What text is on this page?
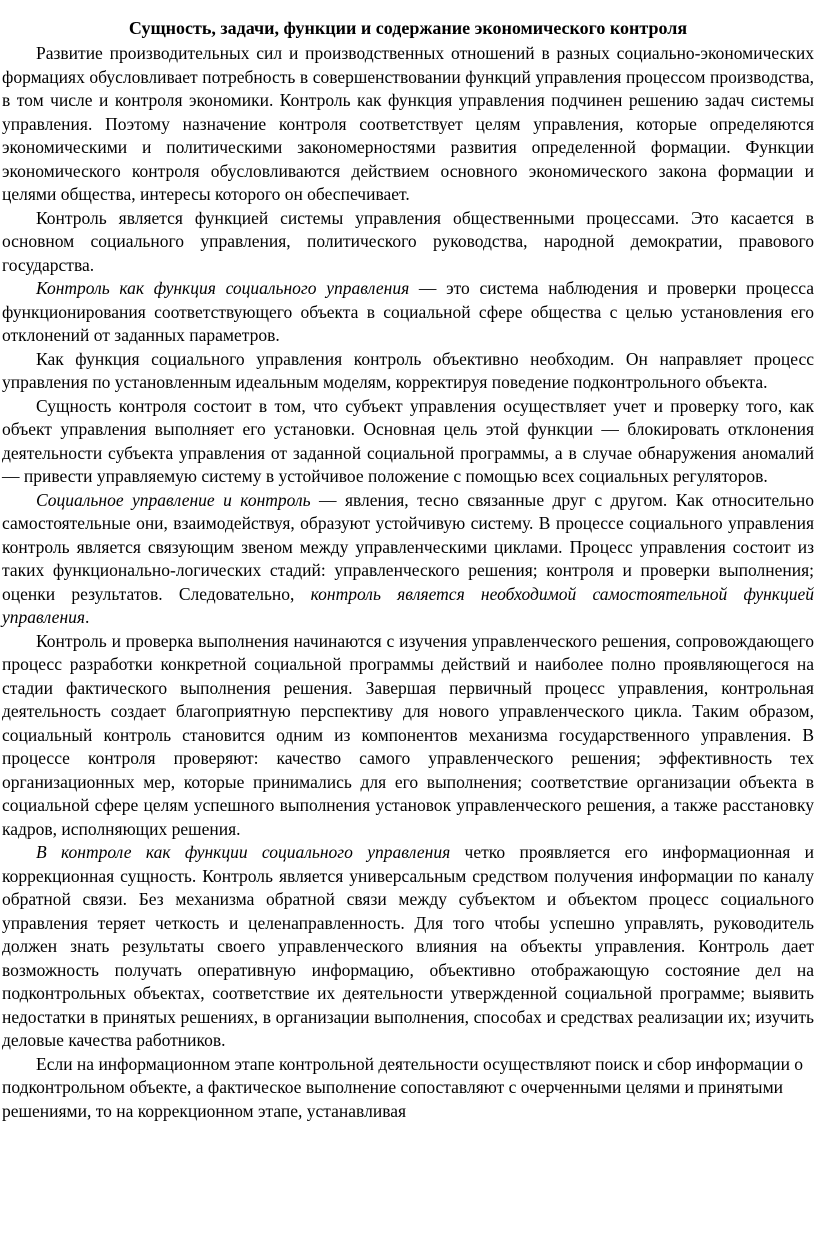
Сущность, задачи, функции и содержание экономического контроля

Развитие производительных сил и производственных отношений в разных социально-экономических формациях обусловливает потребность в совершенствовании функций управления процессом производства, в том числе и контроля экономики. Контроль как функция управления подчинен решению задач системы управления. Поэтому назначение контроля соответствует целям управления, которые определяются экономическими и политическими закономерностями развития определенной формации. Функции экономического контроля обусловливаются действием основного экономического закона формации и целями общества, интересы которого он обеспечивает.

Контроль является функцией системы управления общественными процессами. Это касается в основном социального управления, политического руководства, народной демократии, правового государства.

Контроль как функция социального управления — это система наблюдения и проверки процесса функционирования соответствующего объекта в социальной сфере общества с целью установления его отклонений от заданных параметров.

Как функция социального управления контроль объективно необходим. Он направляет процесс управления по установленным идеальным моделям, корректируя поведение подконтрольного объекта.

Сущность контроля состоит в том, что субъект управления осуществляет учет и проверку того, как объект управления выполняет его установки. Основная цель этой функции — блокировать отклонения деятельности субъекта управления от заданной социальной программы, а в случае обнаружения аномалий — привести управляемую систему в устойчивое положение с помощью всех социальных регуляторов.

Социальное управление и контроль — явления, тесно связанные друг с другом. Как относительно самостоятельные они, взаимодействуя, образуют устойчивую систему. В процессе социального управления контроль является связующим звеном между управленческими циклами. Процесс управления состоит из таких функционально-логических стадий: управленческого решения; контроля и проверки выполнения; оценки результатов. Следовательно, контроль является необходимой самостоятельной функцией управления.

Контроль и проверка выполнения начинаются с изучения управленческого решения, сопровождающего процесс разработки конкретной социальной программы действий и наиболее полно проявляющегося на стадии фактического выполнения решения. Завершая первичный процесс управления, контрольная деятельность создает благоприятную перспективу для нового управленческого цикла. Таким образом, социальный контроль становится одним из компонентов механизма государственного управления. В процессе контроля проверяют: качество самого управленческого решения; эффективность тех организационных мер, которые принимались для его выполнения; соответствие организации объекта в социальной сфере целям успешного выполнения установок управленческого решения, а также расстановку кадров, исполняющих решения.

В контроле как функции социального управления четко проявляется его информационная и коррекционная сущность. Контроль является универсальным средством получения информации по каналу обратной связи. Без механизма обратной связи между субъектом и объектом процесс социального управления теряет четкость и целенаправленность. Для того чтобы успешно управлять, руководитель должен знать результаты своего управленческого влияния на объекты управления. Контроль дает возможность получать оперативную информацию, объективно отображающую состояние дел на подконтрольных объектах, соответствие их деятельности утвержденной социальной программе; выявить недостатки в принятых решениях, в организации выполнения, способах и средствах реализации их; изучить деловые качества работников.

Если на информационном этапе контрольной деятельности осуществляют поиск и сбор информации о подконтрольном объекте, а фактическое выполнение сопоставляют с очерченными целями и принятыми решениями, то на коррекционном этапе, устанавливая
